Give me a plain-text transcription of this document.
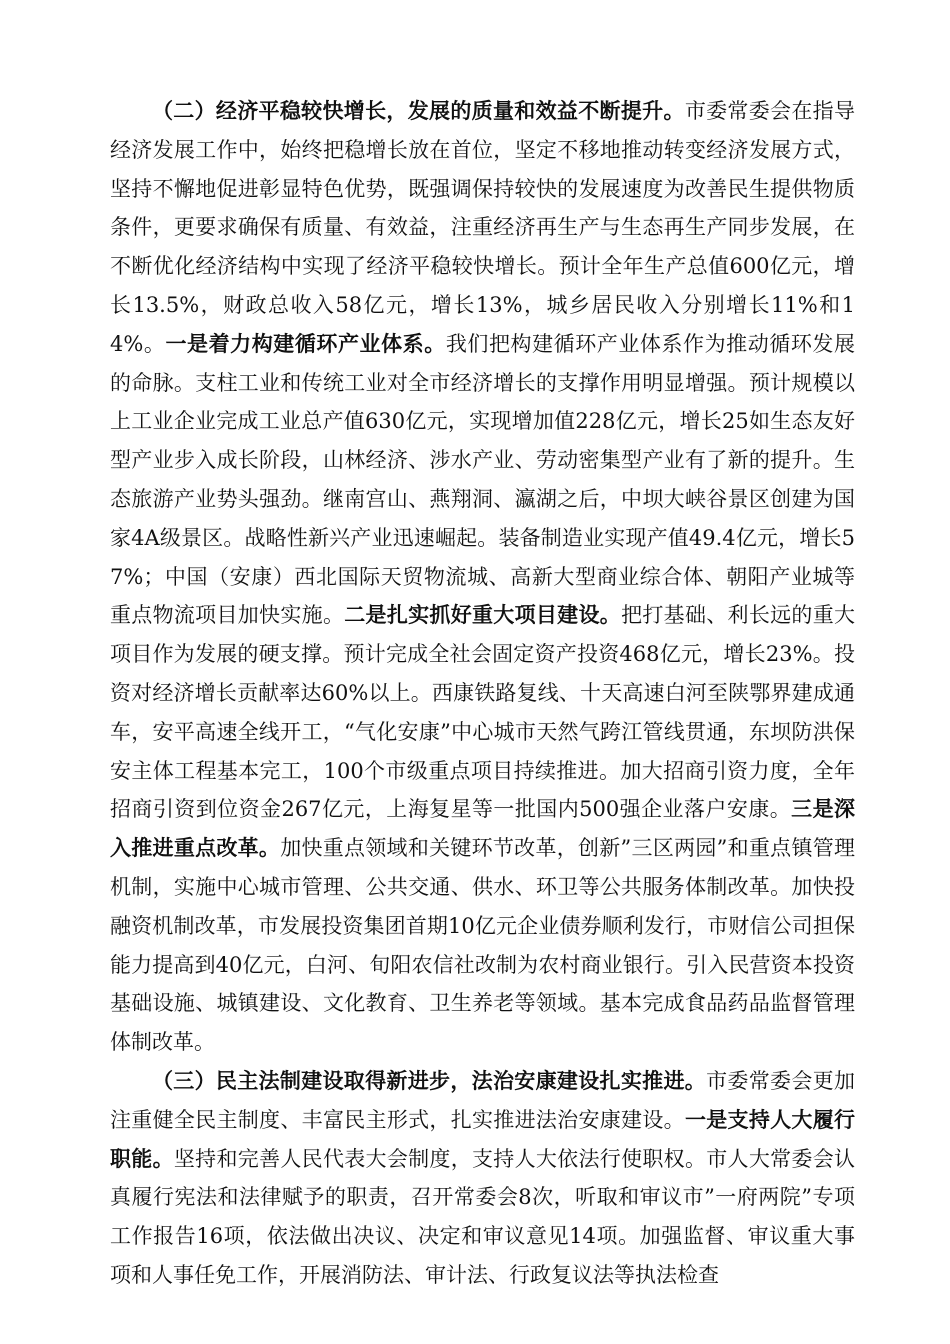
（二）经济平稳较快增长，发展的质量和效益不断提升。市委常委会在指导经济发展工作中，始终把稳增长放在首位，坚定不移地推动转变经济发展方式，坚持不懈地促进彰显特色优势，既强调保持较快的发展速度为改善民生提供物质条件，更要求确保有质量、有效益，注重经济再生产与生态再生产同步发展，在不断优化经济结构中实现了经济平稳较快增长。预计全年生产总值600亿元，增长13.5%，财政总收入58亿元，增长13%，城乡居民收入分别增长11%和14%。一是着力构建循环产业体系。我们把构建循环产业体系作为推动循环发展的命脉。支柱工业和传统工业对全市经济增长的支撑作用明显增强。预计规模以上工业企业完成工业总产值630亿元，实现增加值228亿元，增长25如生态友好型产业步入成长阶段，山林经济、涉水产业、劳动密集型产业有了新的提升。生态旅游产业势头强劲。继南宫山、燕翔洞、瀛湖之后，中坝大峡谷景区创建为国家4A级景区。战略性新兴产业迅速崛起。装备制造业实现产值49.4亿元，增长57%；中国（安康）西北国际天贸物流城、高新大型商业综合体、朝阳产业城等重点物流项目加快实施。二是扎实抓好重大项目建设。把打基础、利长远的重大项目作为发展的硬支撑。预计完成全社会固定资产投资468亿元，增长23%。投资对经济增长贡献率达60%以上。西康铁路复线、十天高速白河至陕鄂界建成通车，安平高速全线开工，“气化安康”中心城市天然气跨江管线贯通，东坝防洪保安主体工程基本完工，100个市级重点项目持续推进。加大招商引资力度，全年招商引资到位资金267亿元，上海复星等一批国内500强企业落户安康。三是深入推进重点改革。加快重点领域和关键环节改革，创新”三区两园”和重点镇管理机制，实施中心城市管理、公共交通、供水、环卫等公共服务体制改革。加快投融资机制改革，市发展投资集团首期10亿元企业债券顺利发行，市财信公司担保能力提高到40亿元，白河、旬阳农信社改制为农村商业银行。引入民营资本投资基础设施、城镇建设、文化教育、卫生养老等领域。基本完成食品药品监督管理体制改革。

（三）民主法制建设取得新进步，法治安康建设扎实推进。市委常委会更加注重健全民主制度、丰富民主形式，扎实推进法治安康建设。一是支持人大履行职能。坚持和完善人民代表大会制度，支持人大依法行使职权。市人大常委会认真履行宪法和法律赋予的职责，召开常委会8次，听取和审议市”一府两院”专项工作报告16项，依法做出决议、决定和审议意见14项。加强监督、审议重大事项和人事任免工作，开展消防法、审计法、行政复议法等执法检查
